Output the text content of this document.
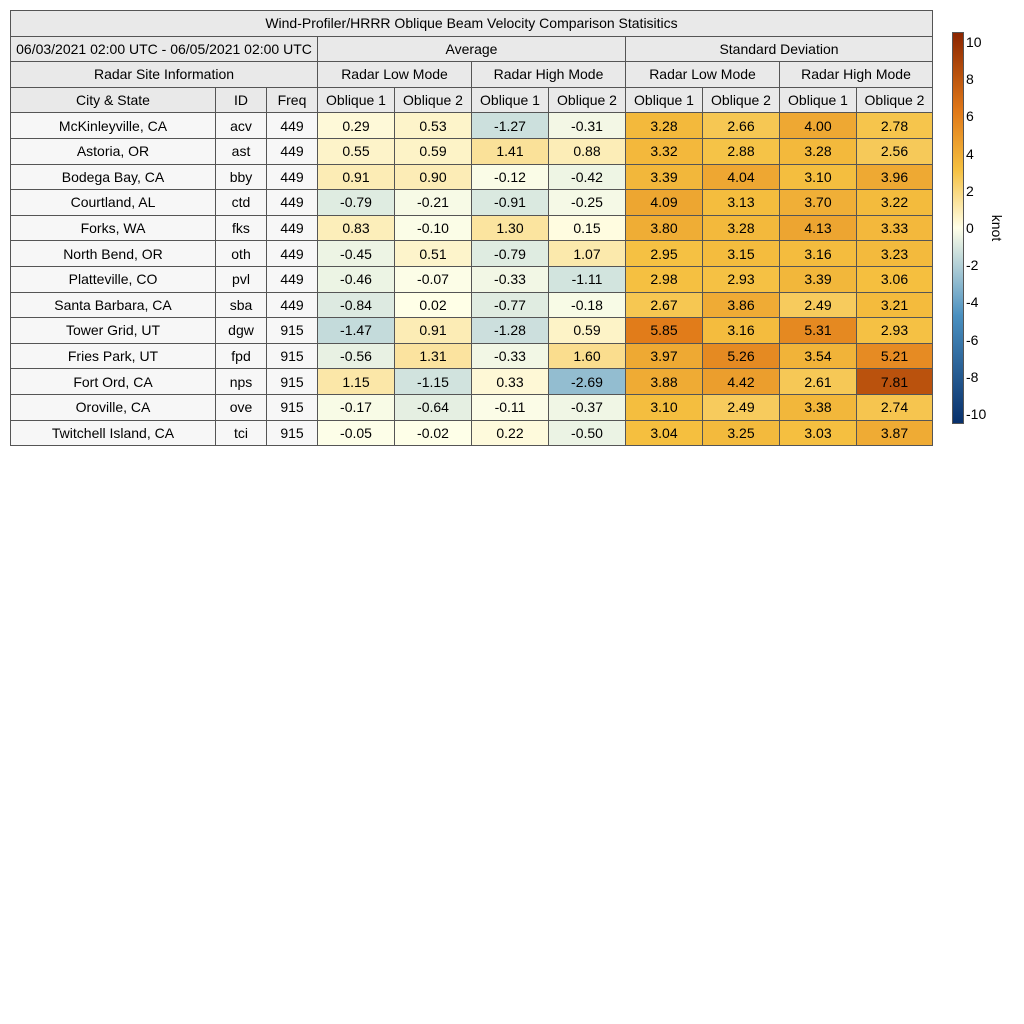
Wind-Profiler/HRRR Oblique Beam Velocity Comparison Statisitics										
06/03/2021 02:00 UTC - 06/05/2021 02:00 UTC			Average				Standard Deviation			
Radar Site Information			Radar Low Mode		Radar High Mode		Radar Low Mode		Radar High Mode	
City & State	ID	Freq	Oblique 1	Oblique 2	Oblique 1	Oblique 2	Oblique 1	Oblique 2	Oblique 1	Oblique 2
McKinleyville, CA	acv	449	0.29	0.53	-1.27	-0.31	3.28	2.66	4.00	2.78
Astoria, OR	ast	449	0.55	0.59	1.41	0.88	3.32	2.88	3.28	2.56
Bodega Bay, CA	bby	449	0.91	0.90	-0.12	-0.42	3.39	4.04	3.10	3.96
Courtland, AL	ctd	449	-0.79	-0.21	-0.91	-0.25	4.09	3.13	3.70	3.22
Forks, WA	fks	449	0.83	-0.10	1.30	0.15	3.80	3.28	4.13	3.33
North Bend, OR	oth	449	-0.45	0.51	-0.79	1.07	2.95	3.15	3.16	3.23
Platteville, CO	pvl	449	-0.46	-0.07	-0.33	-1.11	2.98	2.93	3.39	3.06
Santa Barbara, CA	sba	449	-0.84	0.02	-0.77	-0.18	2.67	3.86	2.49	3.21
Tower Grid, UT	dgw	915	-1.47	0.91	-1.28	0.59	5.85	3.16	5.31	2.93
Fries Park, UT	fpd	915	-0.56	1.31	-0.33	1.60	3.97	5.26	3.54	5.21
Fort Ord, CA	nps	915	1.15	-1.15	0.33	-2.69	3.88	4.42	2.61	7.81
Oroville, CA	ove	915	-0.17	-0.64	-0.11	-0.37	3.10	2.49	3.38	2.74
Twitchell Island, CA	tci	915	-0.05	-0.02	0.22	-0.50	3.04	3.25	3.03	3.87
10
8
6
4
2
0
-2
-4
-6
-8
-10
knot
